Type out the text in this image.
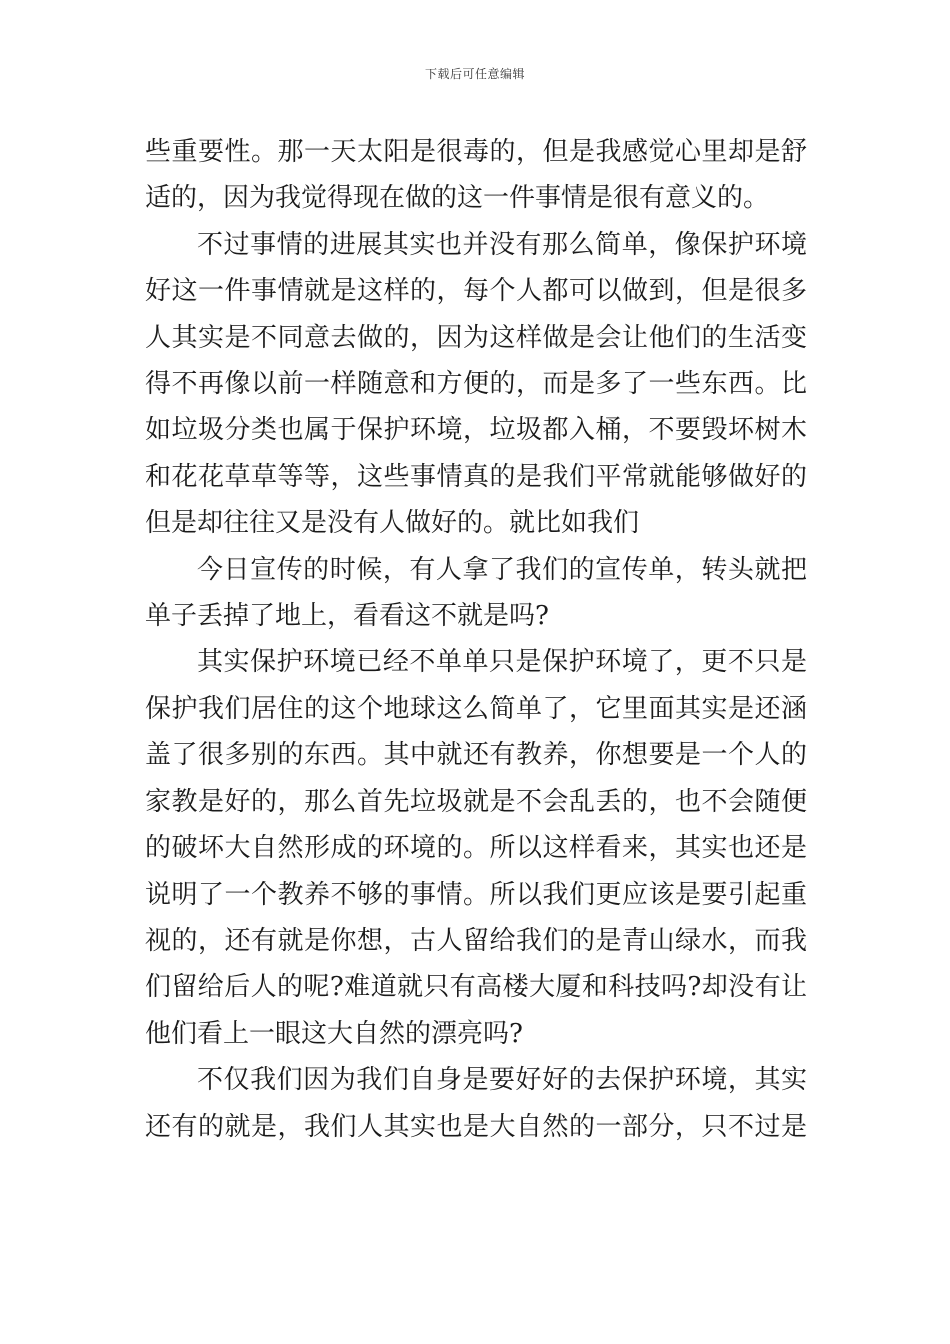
下载后可任意编辑

些重要性。那一天太阳是很毒的，但是我感觉心里却是舒
适的，因为我觉得现在做的这一件事情是很有意义的。

不过事情的进展其实也并没有那么简单，像保护环境
好这一件事情就是这样的，每个人都可以做到，但是很多
人其实是不同意去做的，因为这样做是会让他们的生活变
得不再像以前一样随意和方便的，而是多了一些东西。比
如垃圾分类也属于保护环境，垃圾都入桶，不要毁坏树木
和花花草草等等，这些事情真的是我们平常就能够做好的
但是却往往又是没有人做好的。就比如我们

今日宣传的时候，有人拿了我们的宣传单，转头就把
单子丢掉了地上，看看这不就是吗?

其实保护环境已经不单单只是保护环境了，更不只是
保护我们居住的这个地球这么简单了，它里面其实是还涵
盖了很多别的东西。其中就还有教养，你想要是一个人的
家教是好的，那么首先垃圾就是不会乱丢的，也不会随便
的破坏大自然形成的环境的。所以这样看来，其实也还是
说明了一个教养不够的事情。所以我们更应该是要引起重
视的，还有就是你想，古人留给我们的是青山绿水，而我
们留给后人的呢?难道就只有高楼大厦和科技吗?却没有让
他们看上一眼这大自然的漂亮吗?

不仅我们因为我们自身是要好好的去保护环境，其实
还有的就是，我们人其实也是大自然的一部分，只不过是
